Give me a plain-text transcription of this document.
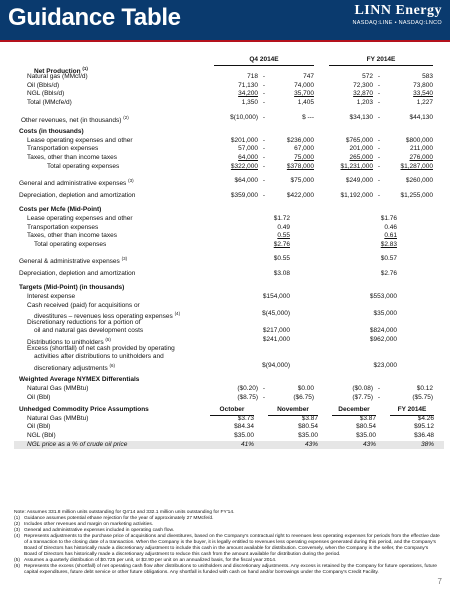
Guidance Table	LINN Energy
NASDAQ:LINE • NASDAQ:LNCO
Q4 2014E	FY 2014E
Net Production $^{(1)}$
Natural gas (MMcf/d)	718 -	747	572 -	583
Oil (Bbls/d)	71,130 -	74,000	72,300 -	73,800
NGL (Bbls/d)	34,200 -	35,700	32,870 -	33,540
Total (MMcfe/d)	1,350 -	1,405	1,203 -	1,227
Other revenues, net (in thousands) $^{(2)}$	$(10,000) -	$ ---	$34,130 -	$44,130
Costs (in thousands)
Lease operating expenses and other	$201,000 -	$236,000	$765,000 -	$800,000
Transportation expenses	57,000 -	67,000	201,000 -	211,000
Taxes, other than income taxes	64,000 -	75,000	265,000 -	276,000
Total operating expenses	$322,000 -	$378,000	$1,231,000 -	$1,287,000
General and administrative expenses $^{(3)}$	$64,000 -	$75,000	$249,000 -	$260,000
Depreciation, depletion and amortization	$359,000 -	$422,000	$1,192,000 -	$1,255,000
Costs per Mcfe (Mid-Point)
Lease operating expenses and other	$1.72	$1.76
Transportation expenses	0.49	0.46
Taxes, other than income taxes	0.55	0.61
Total operating expenses	$2.76	$2.83
General & administrative expenses $^{(3)}$	$0.55	$0.57
Depreciation, depletion and amortization	$3.08	$2.76
Targets (Mid-Point) (in thousands)
Interest expense	$154,000	$553,000
Cash received (paid) for acquisitions or
divestitures – revenues less operating expenses $^{(4)}$	$(45,000)	$35,000
Discretionary reductions for a portion of
oil and natural gas development costs	$217,000	$824,000
Distributions to unitholders $^{(5)}$	$241,000	$962,000
Excess (shortfall) of net cash provided by operating
activities after distributions to unitholders and
discretionary adjustments $^{(6)}$	$(94,000)	$23,000
Weighted Average NYMEX Differentials
Natural Gas (MMBtu)	($0.20) -	$0.00	($0.08) -	$0.12
Oil (Bbl)	($8.75) -	($6.75)	($7.75) -	($5.75)
Unhedged Commodity Price Assumptions	October	November	December	FY 2014E
Natural Gas (MMBtu)	$3.73	$3.87	$3.87	$4.26
Oil (Bbl)	$84.34	$80.54	$80.54	$95.12
NGL (Bbl)	$35.00	$35.00	$35.00	$36.48
NGL price as a % of crude oil price	41%	43%	43%	38%
Note: Assumes 331.8 million units outstanding for Q4'14 and 332.1 million units outstanding for FY'14.
(1) Guidance assumes potential ethane rejection for the year of approximately 27 MMcfe/d.
(2) Includes other revenues and margin on marketing activities.
(3) General and administrative expenses included in operating cash flow.
(4) Represents adjustments to the purchase price of acquisitions and divestitures, based on the Company's contractual right to revenues less operating expenses for periods from the effective date of a transaction to the closing date of a transaction. When the Company is the buyer, it is legally entitled to revenues less operating expenses generated during this period, and the Company's Board of Directors has historically made a discretionary adjustment to include this cash in the amount available for distribution. Conversely, when the Company is the seller, the Company's Board of Directors has historically made a discretionary adjustment to reduce this cash from the amount available for distribution during the period.
(5) Assumes a quarterly distribution of $0.725 per unit, or $2.90 per unit on an annualized basis, for the fiscal year 2014.
(6) Represents the excess (shortfall) of net operating cash flow after distributions to unitholders and discretionary adjustments. Any excess is retained by the Company for future operations, future capital expenditures, future debt service or other future obligations. Any shortfall is funded with cash on hand and/or borrowings under the Company's Credit Facility.
7
